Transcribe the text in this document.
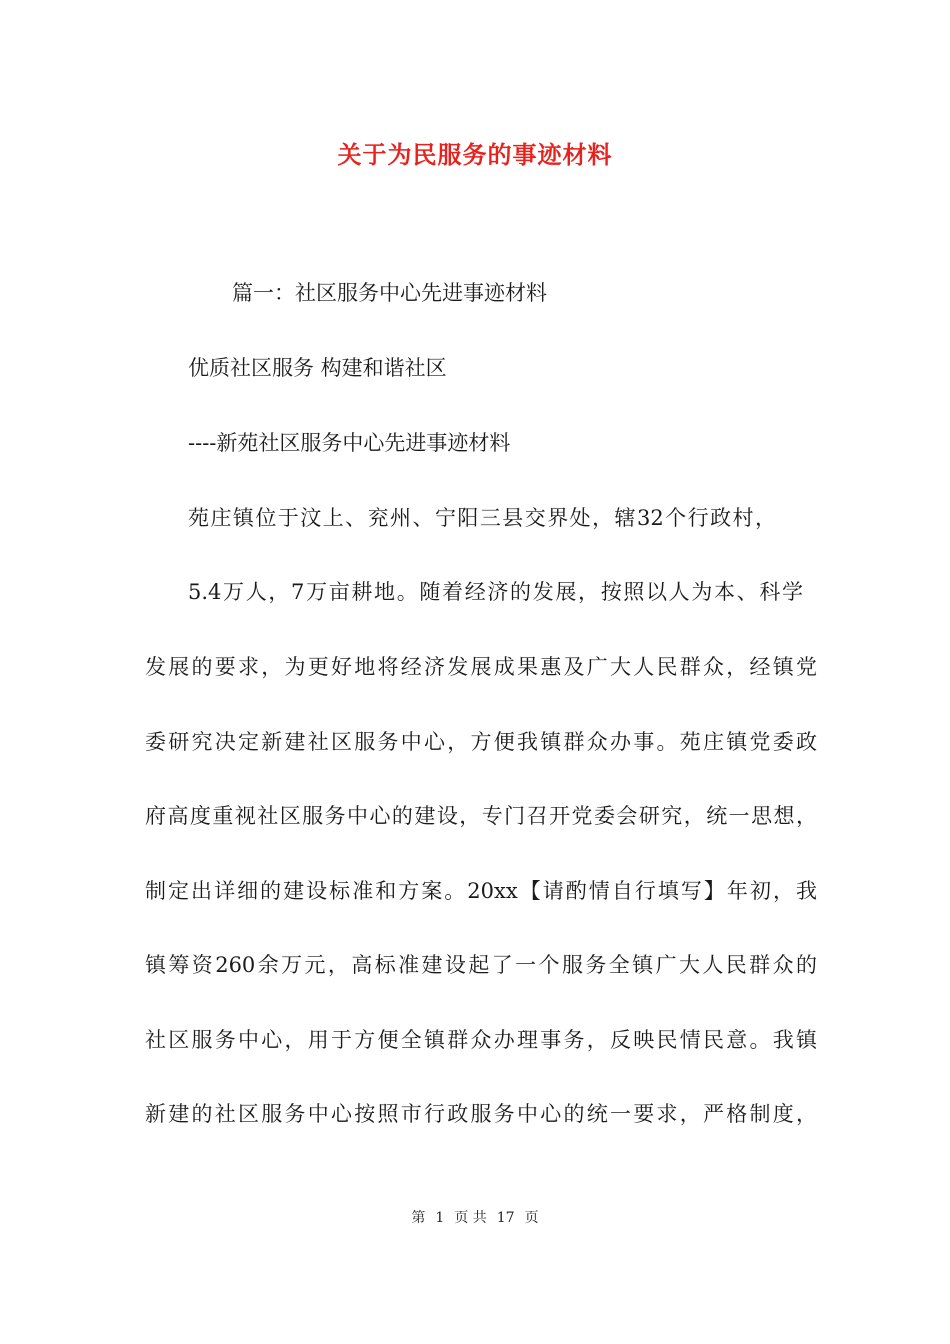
关于为民服务的事迹材料
篇一：社区服务中心先进事迹材料
优质社区服务 构建和谐社区
----新苑社区服务中心先进事迹材料
苑庄镇位于汶上、兖州、宁阳三县交界处，辖32个行政村，
5.4万人，7万亩耕地。随着经济的发展，按照以人为本、科学
发展的要求，为更好地将经济发展成果惠及广大人民群众，经镇党
委研究决定新建社区服务中心，方便我镇群众办事。苑庄镇党委政
府高度重视社区服务中心的建设，专门召开党委会研究，统一思想，
制定出详细的建设标准和方案。20xx【请酌情自行填写】年初，我
镇筹资260余万元，高标准建设起了一个服务全镇广大人民群众的
社区服务中心，用于方便全镇群众办理事务，反映民情民意。我镇
新建的社区服务中心按照市行政服务中心的统一要求，严格制度，
第 1 页 共 17 页
